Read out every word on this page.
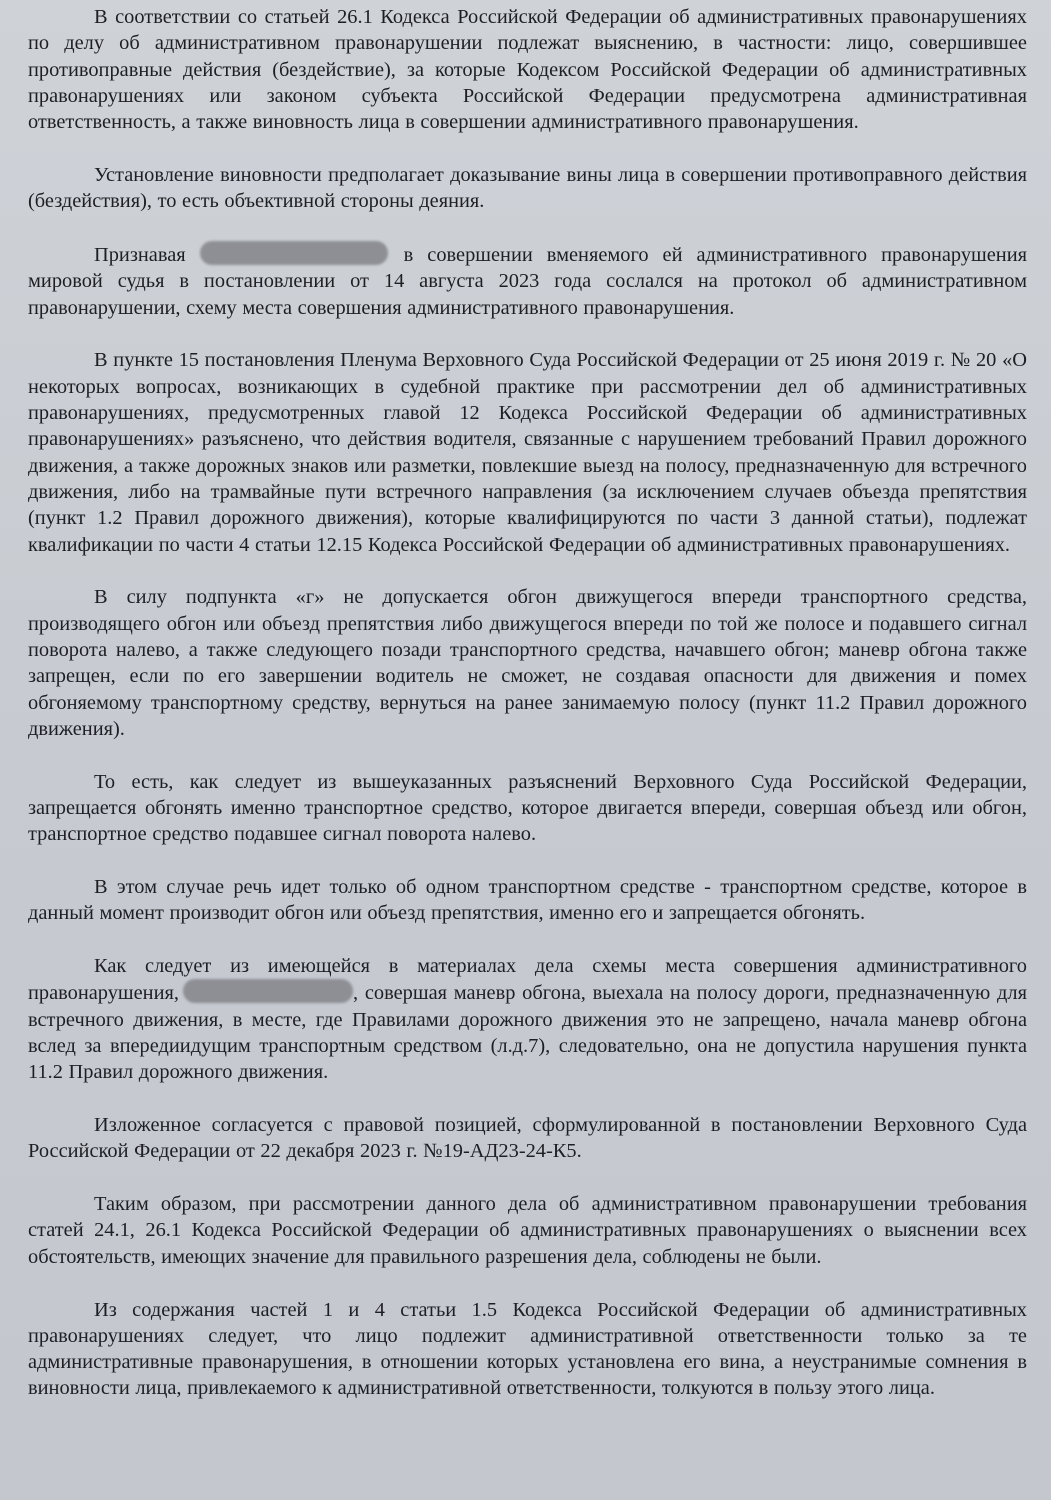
В соответствии со статьей 26.1 Кодекса Российской Федерации об административных правонарушениях по делу об административном правонарушении подлежат выяснению, в частности: лицо, совершившее противоправные действия (бездействие), за которые Кодексом Российской Федерации об административных правонарушениях или законом субъекта Российской Федерации предусмотрена административная ответственность, а также виновность лица в совершении административного правонарушения.

Установление виновности предполагает доказывание вины лица в совершении противоправного действия (бездействия), то есть объективной стороны деяния.

Признавая	в совершении вменяемого ей административного правонарушения мировой судья в постановлении от 14 августа 2023 года сослался на протокол об административном правонарушении, схему места совершения административного правонарушения.

В пункте 15 постановления Пленума Верховного Суда Российской Федерации от 25 июня 2019 г. № 20 «О некоторых вопросах, возникающих в судебной практике при рассмотрении дел об административных правонарушениях, предусмотренных главой 12 Кодекса Российской Федерации об административных правонарушениях» разъяснено, что действия водителя, связанные с нарушением требований Правил дорожного движения, а также дорожных знаков или разметки, повлекшие выезд на полосу, предназначенную для встречного движения, либо на трамвайные пути встречного направления (за исключением случаев объезда препятствия (пункт 1.2 Правил дорожного движения), которые квалифицируются по части 3 данной статьи), подлежат квалификации по части 4 статьи 12.15 Кодекса Российской Федерации об административных правонарушениях.

В силу подпункта «г» не допускается обгон движущегося впереди транспортного средства, производящего обгон или объезд препятствия либо движущегося впереди по той же полосе и подавшего сигнал поворота налево, а также следующего позади транспортного средства, начавшего обгон; маневр обгона также запрещен, если по его завершении водитель не сможет, не создавая опасности для движения и помех обгоняемому транспортному средству, вернуться на ранее занимаемую полосу (пункт 11.2 Правил дорожного движения).

То есть, как следует из вышеуказанных разъяснений Верховного Суда Российской Федерации, запрещается обгонять именно транспортное средство, которое двигается впереди, совершая объезд или обгон, транспортное средство подавшее сигнал поворота налево.

В этом случае речь идет только об одном транспортном средстве - транспортном средстве, которое в данный момент производит обгон или объезд препятствия, именно его и запрещается обгонять.

Как следует из имеющейся в материалах дела схемы места совершения административного правонарушения,	, совершая маневр обгона, выехала на полосу дороги, предназначенную для встречного движения, в месте, где Правилами дорожного движения это не запрещено, начала маневр обгона вслед за впередиидущим транспортным средством (л.д.7), следовательно, она не допустила нарушения пункта 11.2 Правил дорожного движения.

Изложенное согласуется с правовой позицией, сформулированной в постановлении Верховного Суда Российской Федерации от 22 декабря 2023 г. №19-АД23-24-К5.

Таким образом, при рассмотрении данного дела об административном правонарушении требования статей 24.1, 26.1 Кодекса Российской Федерации об административных правонарушениях о выяснении всех обстоятельств, имеющих значение для правильного разрешения дела, соблюдены не были.

Из содержания частей 1 и 4 статьи 1.5 Кодекса Российской Федерации об административных правонарушениях следует, что лицо подлежит административной ответственности только за те административные правонарушения, в отношении которых установлена его вина, а неустранимые сомнения в виновности лица, привлекаемого к административной ответственности, толкуются в пользу этого лица.
